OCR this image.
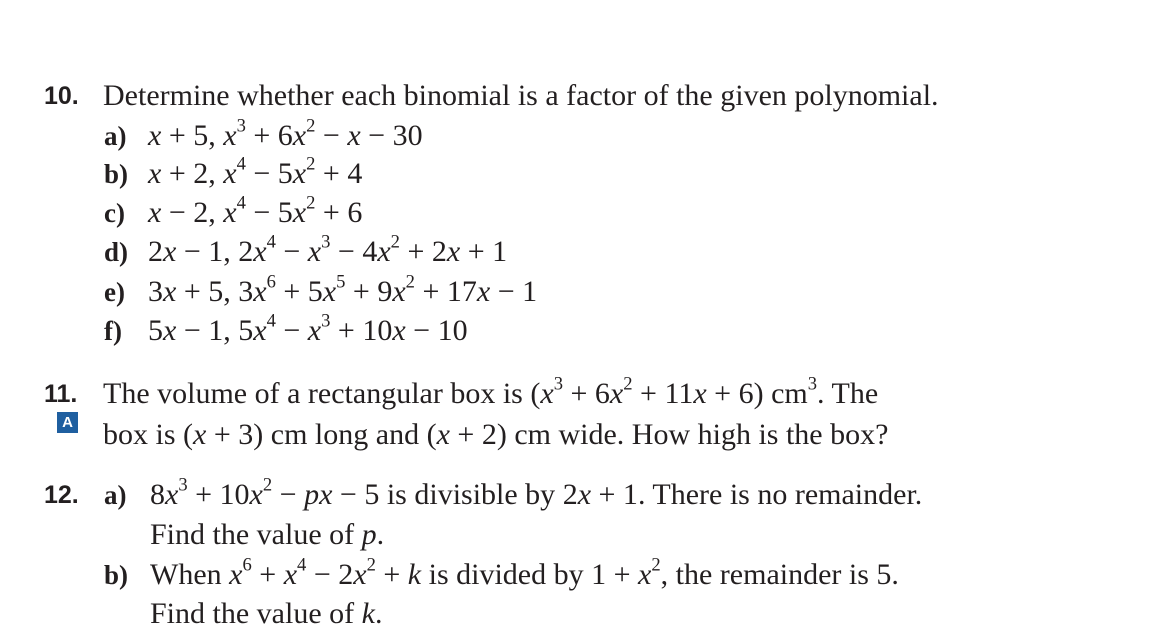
10. Determine whether each binomial is a factor of the given polynomial.
a) x + 5, $x^3 + 6x^2 - x - 30$
b) x + 2, $x^4 - 5x^2 + 4$
c) x − 2, $x^4 - 5x^2 + 6$
d) 2x − 1, $2x^4 - x^3 - 4x^2 + 2x + 1$
e) 3x + 5, $3x^6 + 5x^5 + 9x^2 + 17x - 1$
f) 5x − 1, $5x^4 - x^3 + 10x - 10$
11.
A
The volume of a rectangular box is $(x^3 + 6x^2 + 11x + 6)$ $cm^3$. The
box is (x + 3) cm long and (x + 2) cm wide. How high is the box?
12. a) $8x^3 + 10x^2$ − px − 5 is divisible by 2x + 1. There is no remainder.
Find the value of p.
b) When $x^6 + x^4 - 2x^2 + k$ is divided by $1 + x^2$, the remainder is 5.
Find the value of k.
